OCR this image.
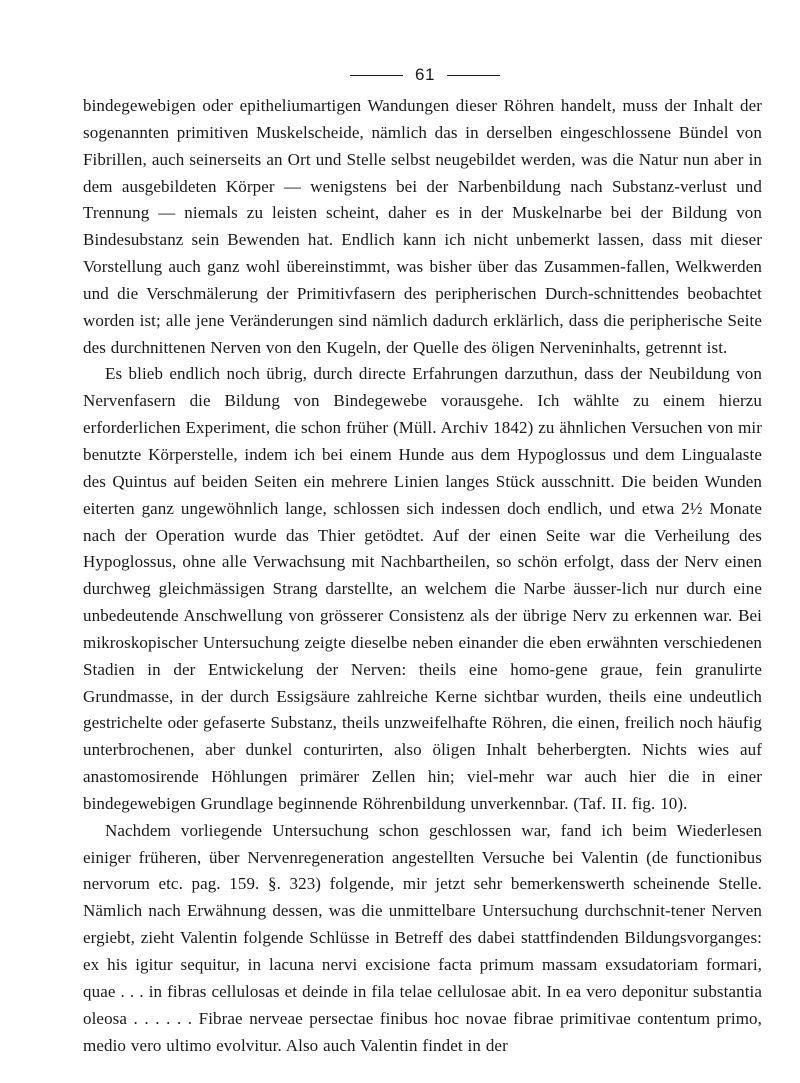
61

bindegewebigen oder epitheliumartigen Wandungen dieser Röhren handelt, muss der Inhalt der sogenannten primitiven Muskelscheide, nämlich das in derselben eingeschlossene Bündel von Fibrillen, auch seinerseits an Ort und Stelle selbst neugebildet werden, was die Natur nun aber in dem ausgebildeten Körper — wenigstens bei der Narbenbildung nach Substanz-verlust und Trennung — niemals zu leisten scheint, daher es in der Muskelnarbe bei der Bildung von Bindesubstanz sein Bewenden hat. Endlich kann ich nicht unbemerkt lassen, dass mit dieser Vorstellung auch ganz wohl übereinstimmt, was bisher über das Zusammen-fallen, Welkwerden und die Verschmälerung der Primitivfasern des peripherischen Durch-schnittendes beobachtet worden ist; alle jene Veränderungen sind nämlich dadurch erklärlich, dass die peripherische Seite des durchnittenen Nerven von den Kugeln, der Quelle des öligen Nerveninhalts, getrennt ist.

Es blieb endlich noch übrig, durch directe Erfahrungen darzuthun, dass der Neubildung von Nervenfasern die Bildung von Bindegewebe vorausgehe. Ich wählte zu einem hierzu erforderlichen Experiment, die schon früher (Müll. Archiv 1842) zu ähnlichen Versuchen von mir benutzte Körperstelle, indem ich bei einem Hunde aus dem Hypoglossus und dem Lingualaste des Quintus auf beiden Seiten ein mehrere Linien langes Stück ausschnitt. Die beiden Wunden eiterten ganz ungewöhnlich lange, schlossen sich indessen doch endlich, und etwa 2½ Monate nach der Operation wurde das Thier getödtet. Auf der einen Seite war die Verheilung des Hypoglossus, ohne alle Verwachsung mit Nachbartheilen, so schön erfolgt, dass der Nerv einen durchweg gleichmässigen Strang darstellte, an welchem die Narbe äusser-lich nur durch eine unbedeutende Anschwellung von grösserer Consistenz als der übrige Nerv zu erkennen war. Bei mikroskopischer Untersuchung zeigte dieselbe neben einander die eben erwähnten verschiedenen Stadien in der Entwickelung der Nerven: theils eine homo-gene graue, fein granulirte Grundmasse, in der durch Essigsäure zahlreiche Kerne sichtbar wurden, theils eine undeutlich gestrichelte oder gefaserte Substanz, theils unzweifelhafte Röhren, die einen, freilich noch häufig unterbrochenen, aber dunkel conturirten, also öligen Inhalt beherbergten. Nichts wies auf anastomosirende Höhlungen primärer Zellen hin; viel-mehr war auch hier die in einer bindegewebigen Grundlage beginnende Röhrenbildung unverkennbar. (Taf. II. fig. 10).

Nachdem vorliegende Untersuchung schon geschlossen war, fand ich beim Wiederlesen einiger früheren, über Nervenregeneration angestellten Versuche bei Valentin (de functionibus nervorum etc. pag. 159. §. 323) folgende, mir jetzt sehr bemerkenswerth scheinende Stelle. Nämlich nach Erwähnung dessen, was die unmittelbare Untersuchung durchschnit-tener Nerven ergiebt, zieht Valentin folgende Schlüsse in Betreff des dabei stattfindenden Bildungsvorganges: ex his igitur sequitur, in lacuna nervi excisione facta primum massam exsudatoriam formari, quae . . . in fibras cellulosas et deinde in fila telae cellulosae abit. In ea vero deponitur substantia oleosa . . . . . . Fibrae nerveae persectae finibus hoc novae fibrae primitivae contentum primo, medio vero ultimo evolvitur. Also auch Valentin findet in der
